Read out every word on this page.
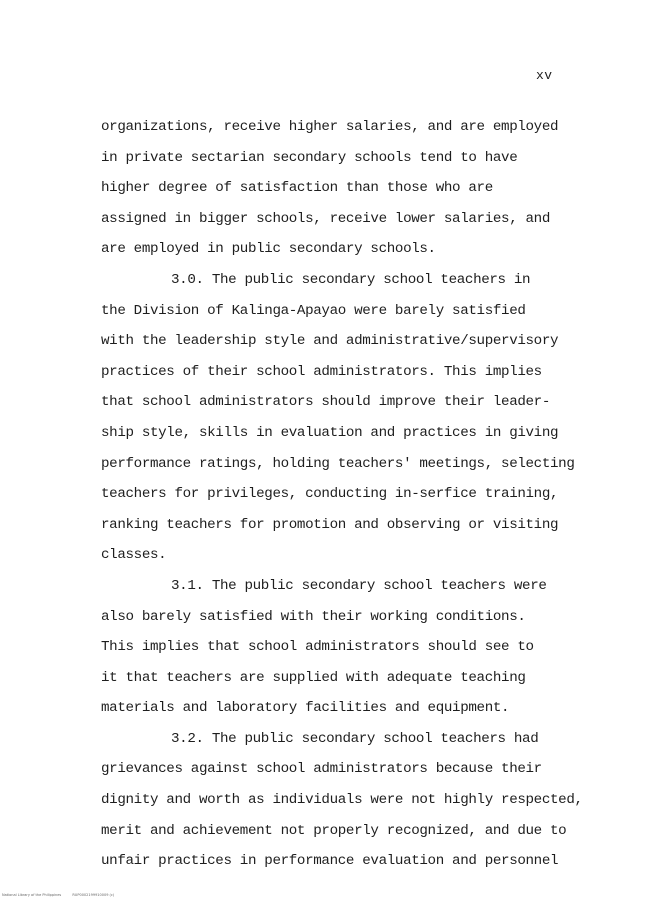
xv
organizations, receive higher salaries, and are employed
in private sectarian secondary schools tend to have
higher degree of satisfaction than those who are
assigned in bigger schools, receive lower salaries, and
are employed in public secondary schools.
3.0. The public secondary school teachers in
the Division of Kalinga-Apayao were barely satisfied
with the leadership style and administrative/supervisory
practices of their school administrators. This implies
that school administrators should improve their leader-
ship style, skills in evaluation and practices in giving
performance ratings, holding teachers' meetings, selecting
teachers for privileges, conducting in-serfice training,
ranking teachers for promotion and observing or visiting
classes.
3.1. The public secondary school teachers were
also barely satisfied with their working conditions.
This implies that school administrators should see to
it that teachers are supplied with adequate teaching
materials and laboratory facilities and equipment.
3.2. The public secondary school teachers had
grievances against school administrators because their
dignity and worth as individuals were not highly respected,
merit and achievement not properly recognized, and due to
unfair practices in performance evaluation and personnel
National Library of the Philippines	RUP0002199910009 (c)
